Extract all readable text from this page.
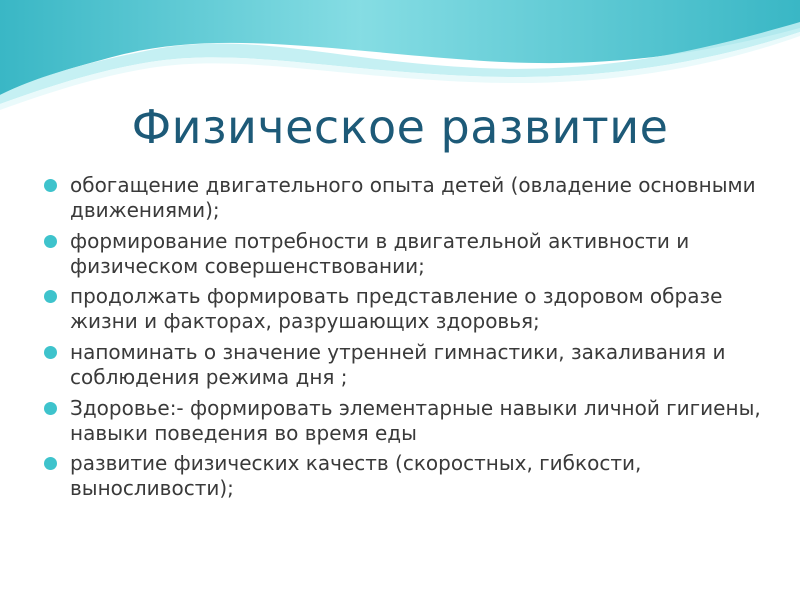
Физическое развитие
обогащение двигательного опыта детей (овладение основными движениями);
формирование потребности в двигательной активности и физическом совершенствовании;
продолжать формировать представление о здоровом образе жизни и факторах, разрушающих здоровья;
напоминать о значение утренней гимнастики, закаливания и соблюдения режима дня ;
Здоровье:- формировать элементарные навыки личной гигиены, навыки поведения во время еды
развитие физических качеств (скоростных, гибкости, выносливости);
